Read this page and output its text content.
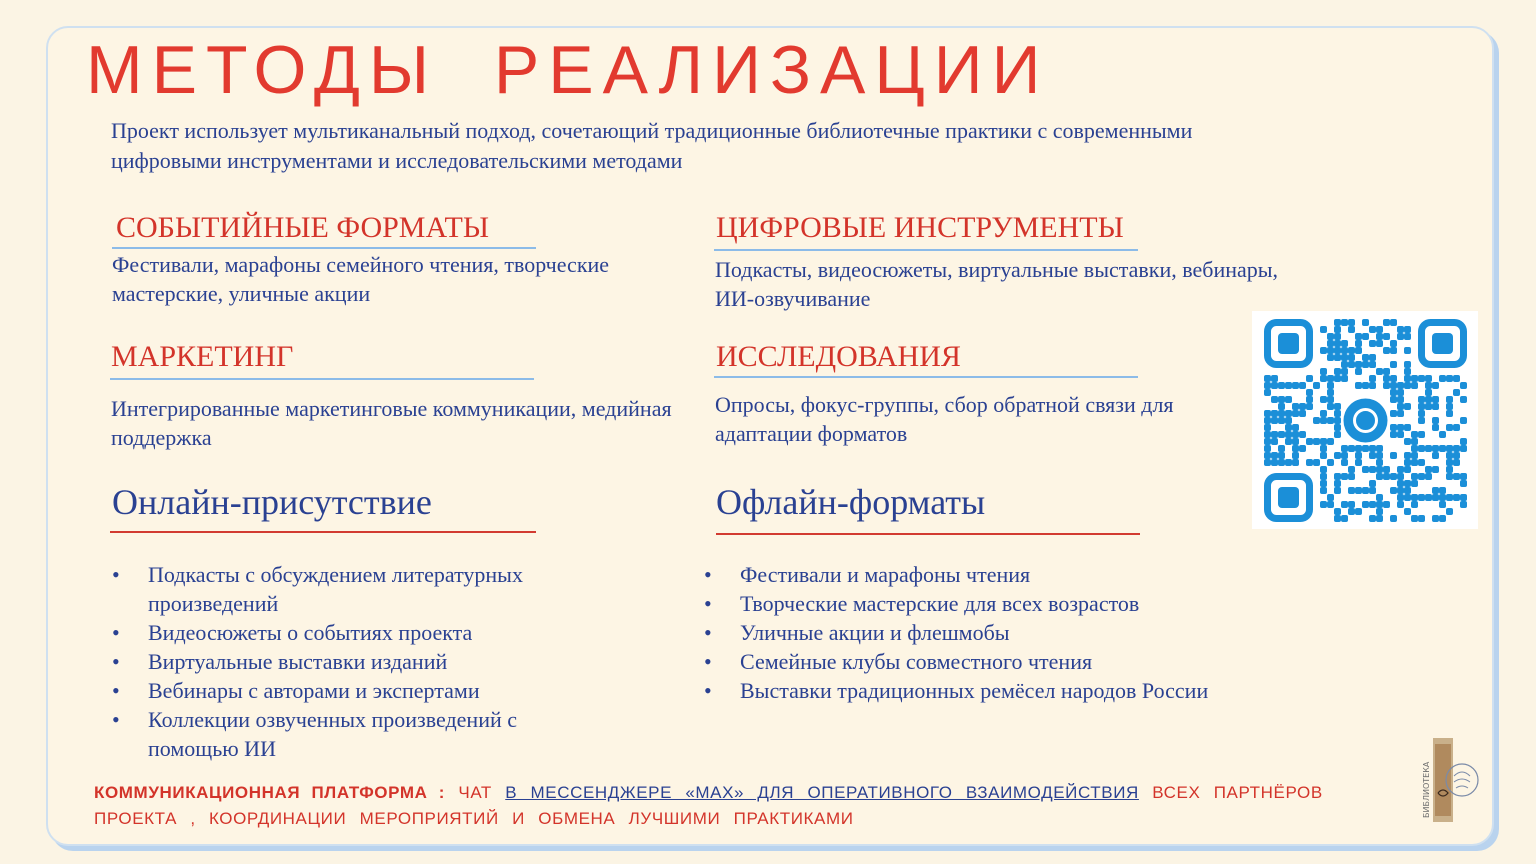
МЕТОДЫ  РЕАЛИЗАЦИИ
Проект использует мультиканальный подход, сочетающий традиционные библиотечные практики с современными цифровыми инструментами и исследовательскими методами
СОБЫТИЙНЫЕ ФОРМАТЫ
Фестивали, марафоны семейного чтения, творческие мастерские, уличные акции
ЦИФРОВЫЕ ИНСТРУМЕНТЫ
Подкасты, видеосюжеты, виртуальные выставки, вебинары, ИИ-озвучивание
МАРКЕТИНГ
Интегрированные маркетинговые коммуникации, медийная поддержка
ИССЛЕДОВАНИЯ
Опросы, фокус-группы, сбор обратной связи для адаптации форматов
Онлайн-присутствие
• Подкасты с обсуждением литературных произведений
• Видеосюжеты о событиях проекта
• Виртуальные выставки изданий
• Вебинары с авторами и экспертами
• Коллекции озвученных произведений с помощью ИИ
Офлайн-форматы
• Фестивали и марафоны чтения
• Творческие мастерские для всех возрастов
• Уличные акции и флешмобы
• Семейные клубы совместного чтения
• Выставки традиционных ремёсел народов России
КОММУНИКАЦИОННАЯ ПЛАТФОРМА : ЧАТ В МЕССЕНДЖЕРЕ «MAX» ДЛЯ ОПЕРАТИВНОГО ВЗАИМОДЕЙСТВИЯ ВСЕХ ПАРТНЁРОВ ПРОЕКТА , КООРДИНАЦИИ МЕРОПРИЯТИЙ И ОБМЕНА ЛУЧШИМИ ПРАКТИКАМИ
БИБЛИОТЕКА
